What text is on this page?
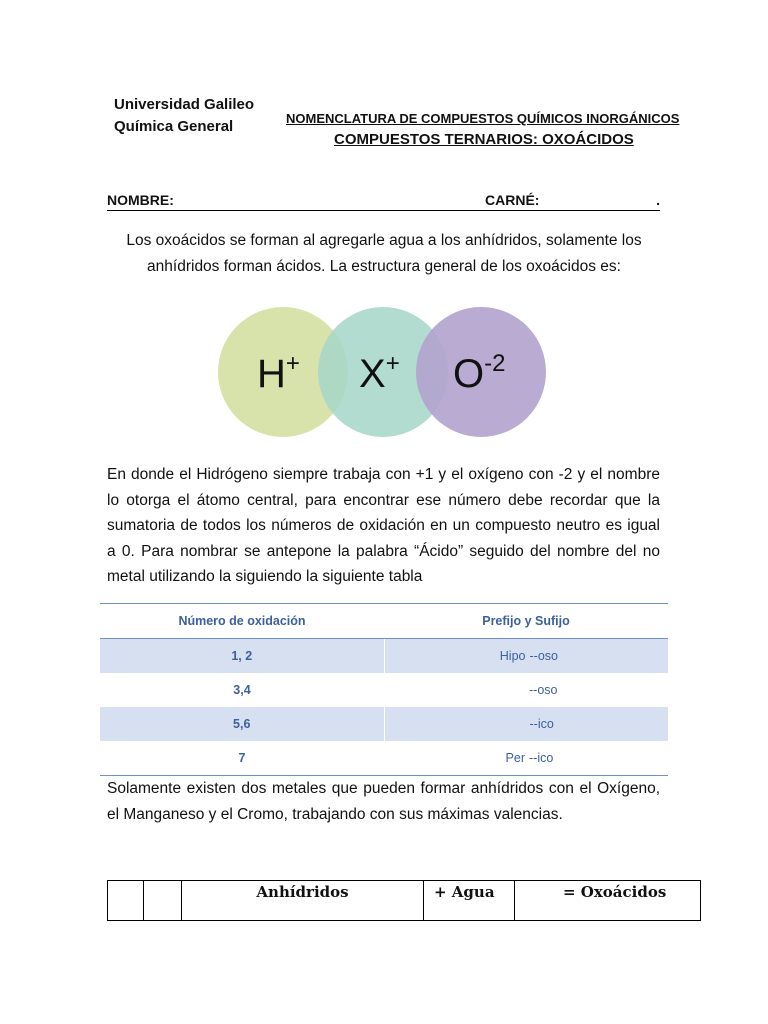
Universidad Galileo
Química General	NOMENCLATURA DE COMPUESTOS QUÍMICOS INORGÁNICOS
COMPUESTOS TERNARIOS: OXOÁCIDOS
NOMBRE:	CARNÉ:	.
Los oxoácidos se forman al agregarle agua a los anhídridos, solamente los anhídridos forman ácidos. La estructura general de los oxoácidos es:
H+ X+ $O^{-2}$
En donde el Hidrógeno siempre trabaja con +1 y el oxígeno con -2 y el nombre lo otorga el átomo central, para encontrar ese número debe recordar que la sumatoria de todos los números de oxidación en un compuesto neutro es igual a 0. Para nombrar se antepone la palabra “Ácido” seguido del nombre del no metal utilizando la siguiendo la siguiente tabla
Número de oxidación	Prefijo y Sufijo
1, 2	Hipo --oso
3,4	--oso
5,6	--ico
7	Per --ico
Solamente existen dos metales que pueden formar anhídridos con el Oxígeno, el Manganeso y el Cromo, trabajando con sus máximas valencias.
		Anhídridos	+ Agua	= Oxoácidos
